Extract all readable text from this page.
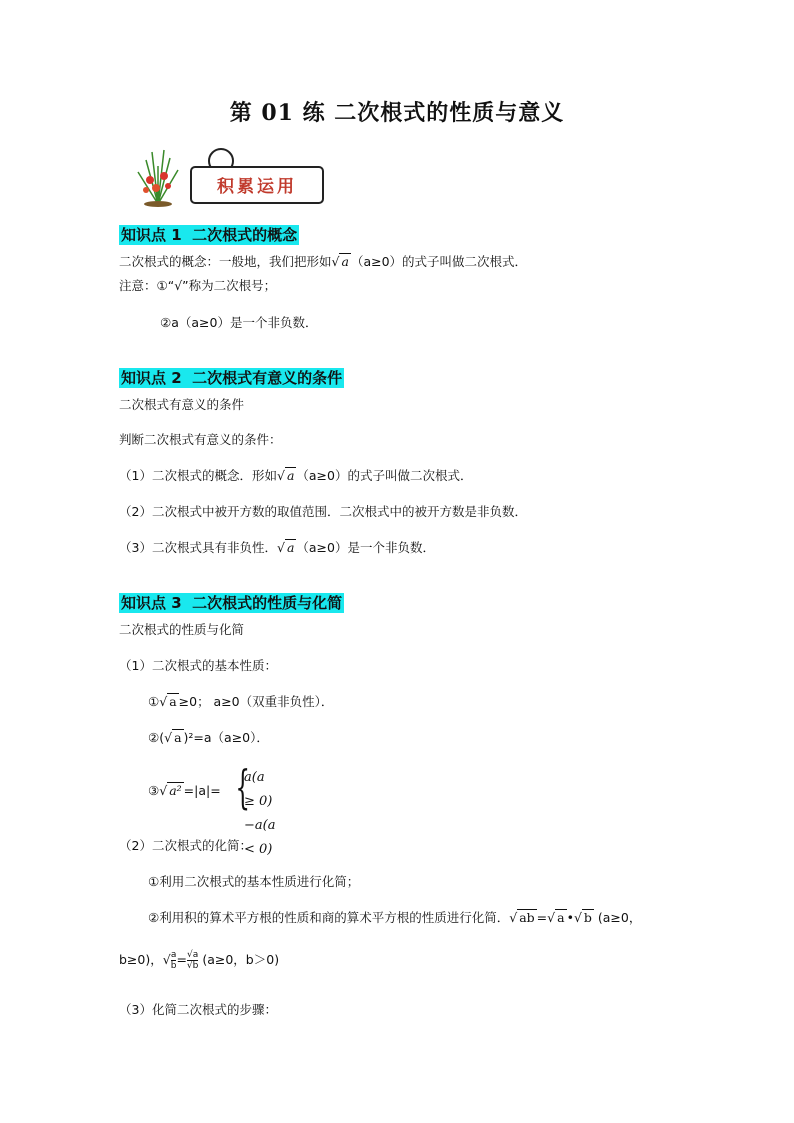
第 01 练 二次根式的性质与意义
积累运用
知识点 1 二次根式的概念
二次根式的概念：一般地，我们把形如√ a （a≥0）的式子叫做二次根式．
注意：①“√”称为二次根号；
②a（a≥0）是一个非负数．
知识点 2 二次根式有意义的条件
二次根式有意义的条件
判断二次根式有意义的条件：
（1）二次根式的概念．形如√ a （a≥0）的式子叫做二次根式．
（2）二次根式中被开方数的取值范围．二次根式中的被开方数是非负数．
（3）二次根式具有非负性．√ a （a≥0）是一个非负数．
知识点 3 二次根式的性质与化简
二次根式的性质与化简
（1）二次根式的基本性质：
①√ a ≥0； a≥0（双重非负性）．
②(√ a )²=a（a≥0）．
③√ a² =|a|= {
a(a ≥ 0)
−a(a < 0)
（2）二次根式的化简：
①利用二次根式的基本性质进行化简；
②利用积的算术平方根的性质和商的算术平方根的性质进行化简．√ ab =√ a •√ b (a≥0，
b≥0)，√ $\frac{a}{b} = \frac{√a}{√b} (a\ge 0$，b＞0)
（3）化简二次根式的步骤：
